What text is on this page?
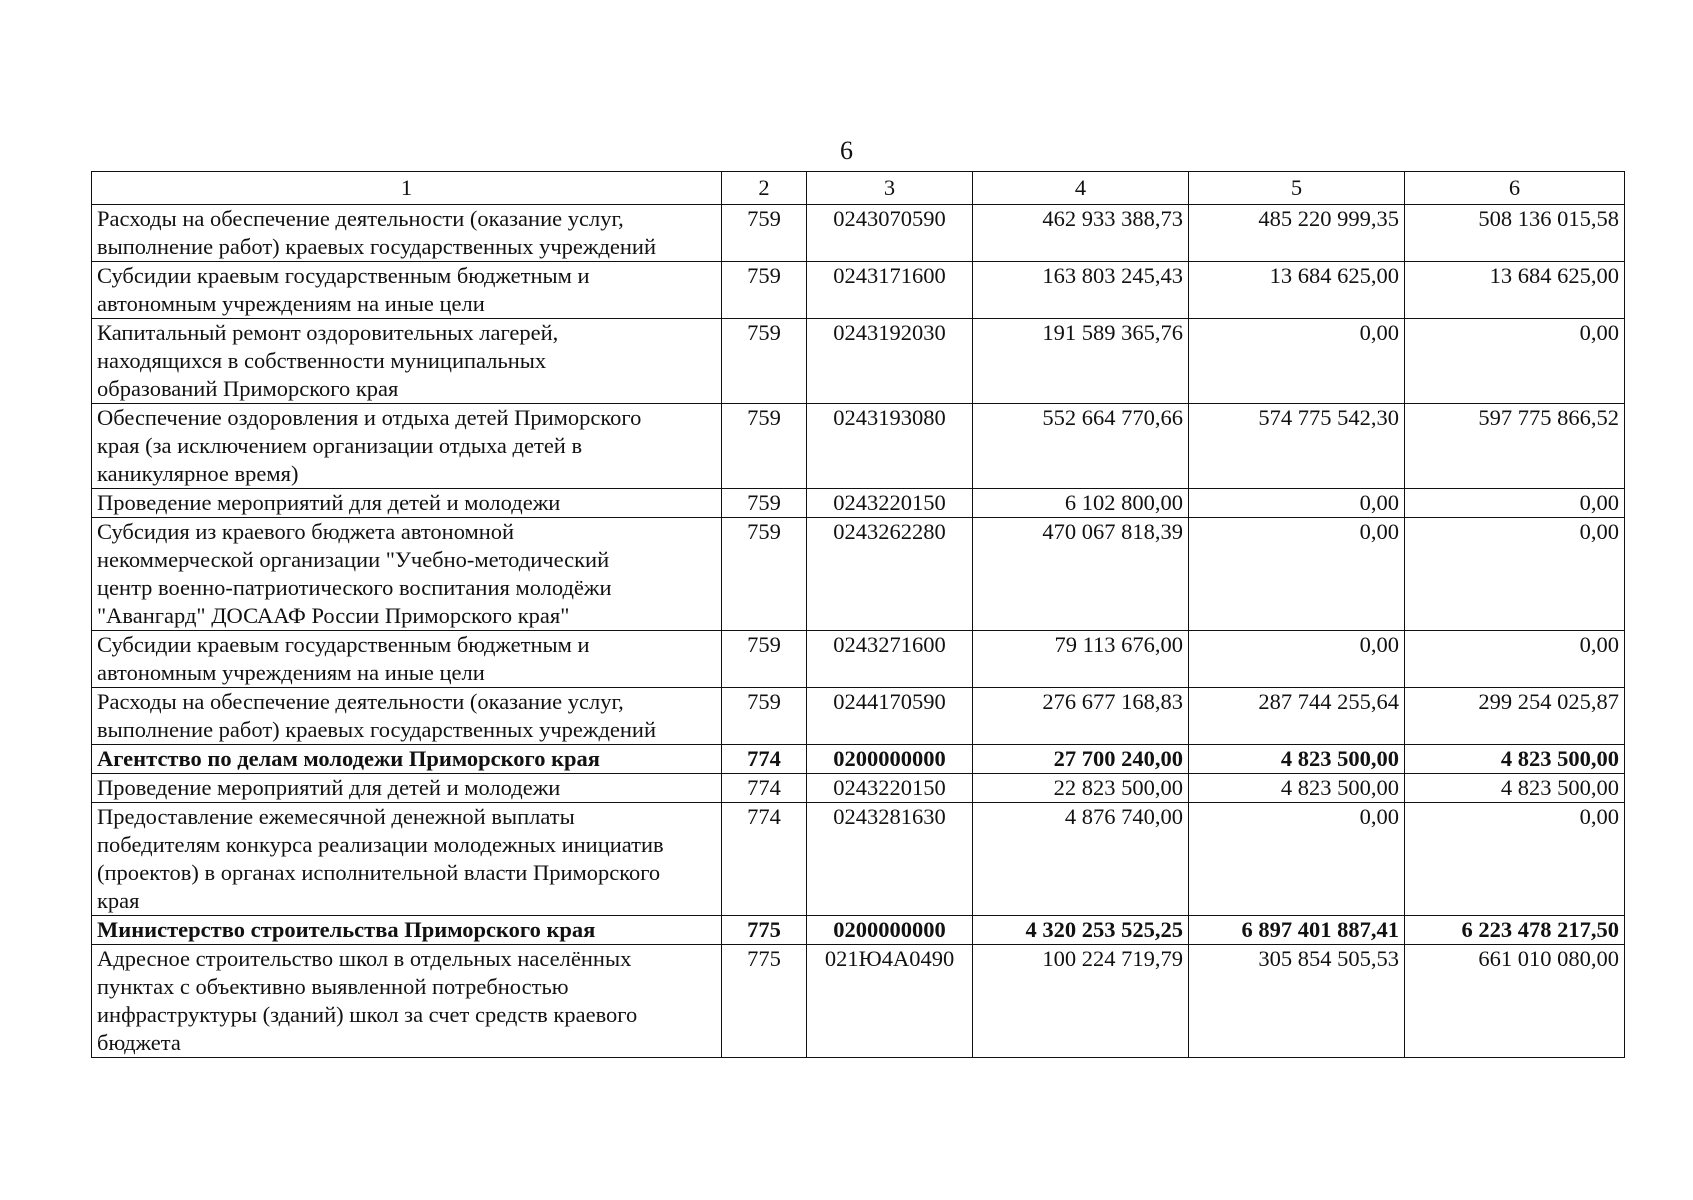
6
1	2	3	4	5	6

Расходы на обеспечение деятельности (оказание услуг,
выполнение работ) краевых государственных учреждений	759	0243070590	462 933 388,73	485 220 999,35	508 136 015,58

Субсидии краевым государственным бюджетным и
автономным учреждениям на иные цели	759	0243171600	163 803 245,43	13 684 625,00	13 684 625,00

Капитальный ремонт оздоровительных лагерей,
находящихся в собственности муниципальных
образований Приморского края	759	0243192030	191 589 365,76	0,00	0,00

Обеспечение оздоровления и отдыха детей Приморского
края (за исключением организации отдыха детей в
каникулярное время)	759	0243193080	552 664 770,66	574 775 542,30	597 775 866,52

Проведение мероприятий для детей и молодежи	759	0243220150	6 102 800,00	0,00	0,00

Субсидия из краевого бюджета автономной
некоммерческой организации "Учебно-методический
центр военно-патриотического воспитания молодёжи
"Авангард" ДОСААФ России Приморского края"	759	0243262280	470 067 818,39	0,00	0,00

Субсидии краевым государственным бюджетным и
автономным учреждениям на иные цели	759	0243271600	79 113 676,00	0,00	0,00

Расходы на обеспечение деятельности (оказание услуг,
выполнение работ) краевых государственных учреждений	759	0244170590	276 677 168,83	287 744 255,64	299 254 025,87

Агентство по делам молодежи Приморского края	774	0200000000	27 700 240,00	4 823 500,00	4 823 500,00

Проведение мероприятий для детей и молодежи	774	0243220150	22 823 500,00	4 823 500,00	4 823 500,00

Предоставление ежемесячной денежной выплаты
победителям конкурса реализации молодежных инициатив
(проектов) в органах исполнительной власти Приморского
края	774	0243281630	4 876 740,00	0,00	0,00

Министерство строительства Приморского края	775	0200000000	4 320 253 525,25	6 897 401 887,41	6 223 478 217,50

Адресное строительство школ в отдельных населённых
пунктах с объективно выявленной потребностью
инфраструктуры (зданий) школ за счет средств краевого
бюджета	775	021Ю4А0490	100 224 719,79	305 854 505,53	661 010 080,00
